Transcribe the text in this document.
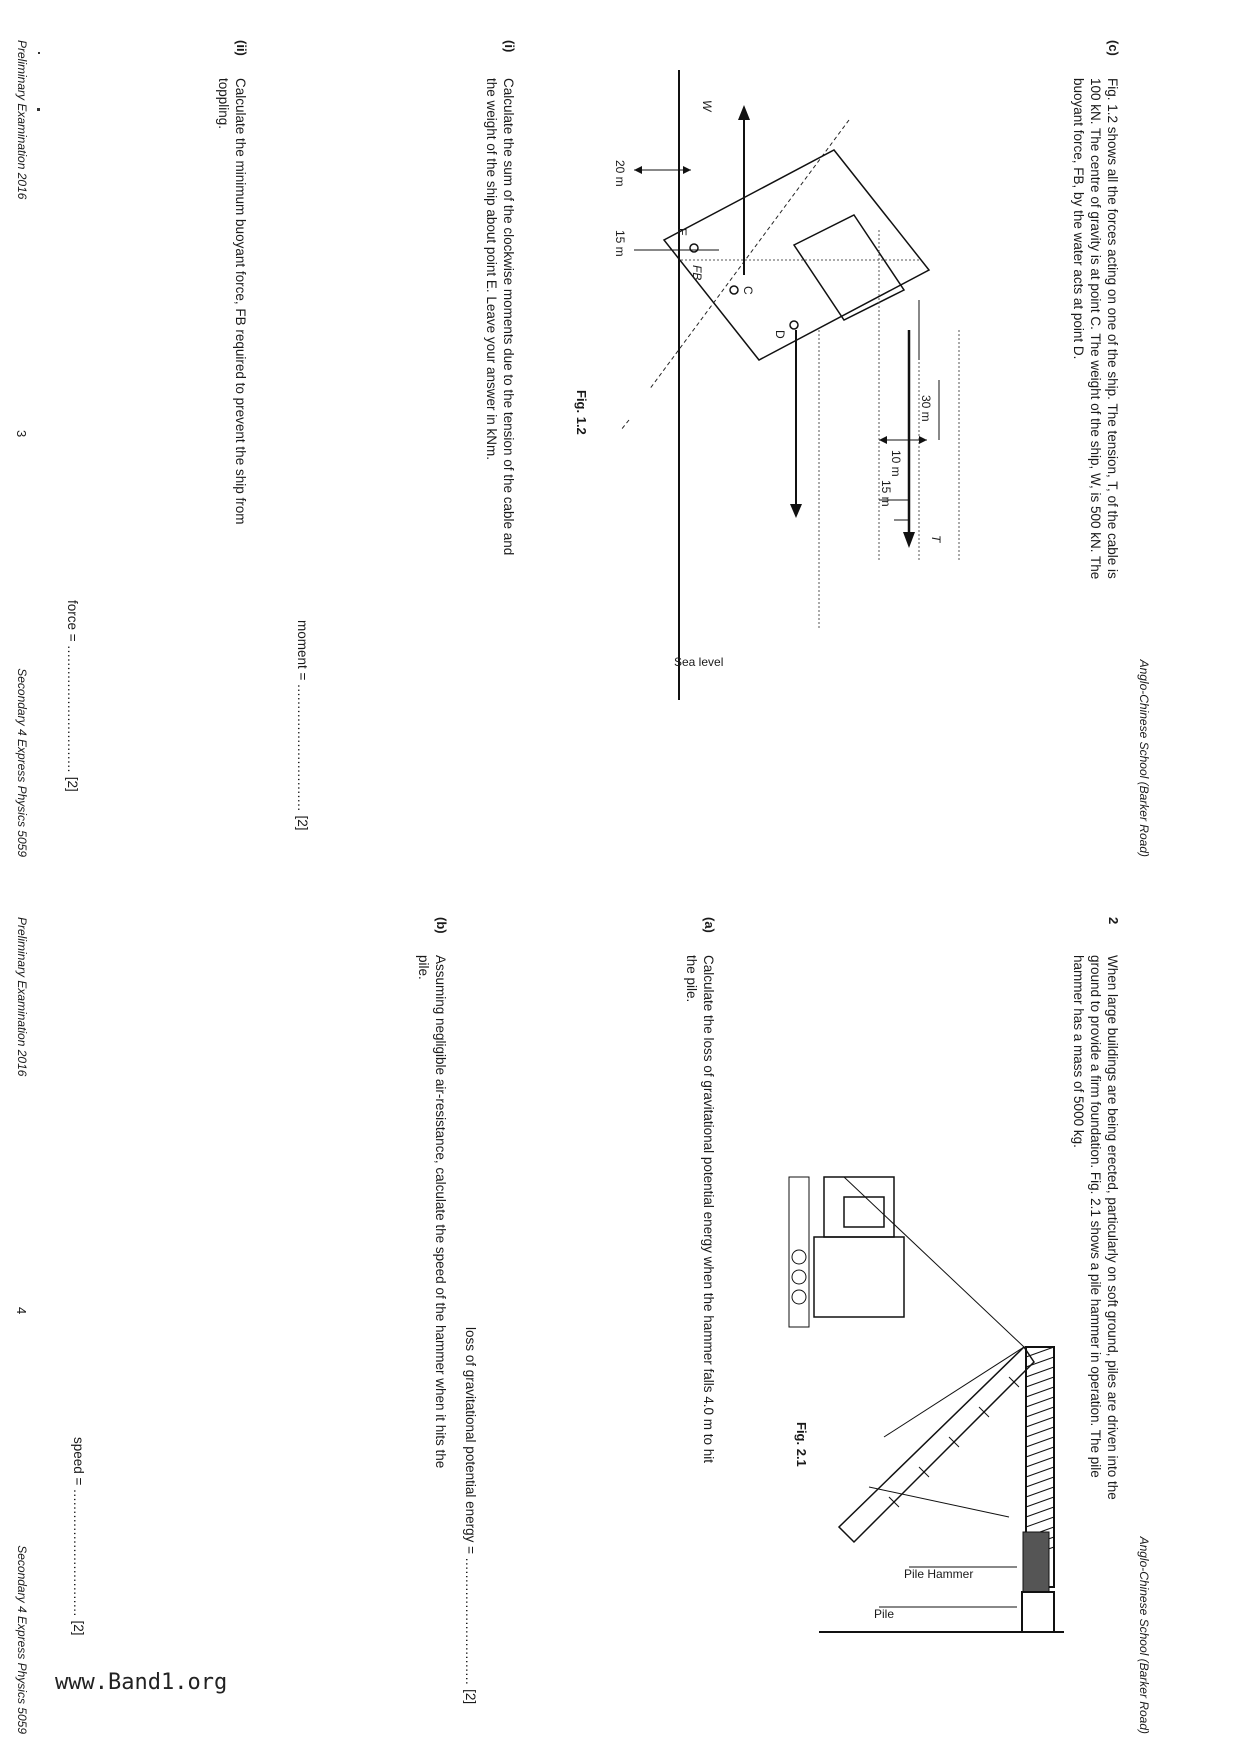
Anglo-Chinese School (Barker Road)
(c)
Fig. 1.2 shows all the forces acting on one of the ship. The tension, T, of the cable is
100 kN. The centre of gravity is at point C. The weight of the ship, W, is 500 kN. The
buoyant force, FB, by the water acts at point D.
Sea level
T
FB
W
C
D
E
30 m
10 m
15 m
20 m
15 m
Fig. 1.2
(i)
Calculate the sum of the clockwise moments due to the tension of the cable and
the weight of the ship about point E. Leave your answer in kNm.
moment = .............................. [2]
(ii)
Calculate the minimum buoyant force, FB required to prevent the ship from
toppling.
force = .............................. [2]
Preliminary Examination 2016
3
Secondary 4 Express Physics 5059
Anglo-Chinese School (Barker Road)
2
When large buildings are being erected, particularly on soft ground, piles are driven into the
ground to provide a firm foundation. Fig. 2.1 shows a pile hammer in operation. The pile
hammer has a mass of 5000 kg.
Pile Hammer
Pile
Fig. 2.1
(a)
Calculate the loss of gravitational potential energy when the hammer falls 4.0 m to hit
the pile.
loss of gravitational potential energy = .............................. [2]
(b)
Assuming negligible air-resistance, calculate the speed of the hammer when it hits the
pile.
speed = .............................. [2]
Preliminary Examination 2016
4
Secondary 4 Express Physics 5059 www.Band1.org
